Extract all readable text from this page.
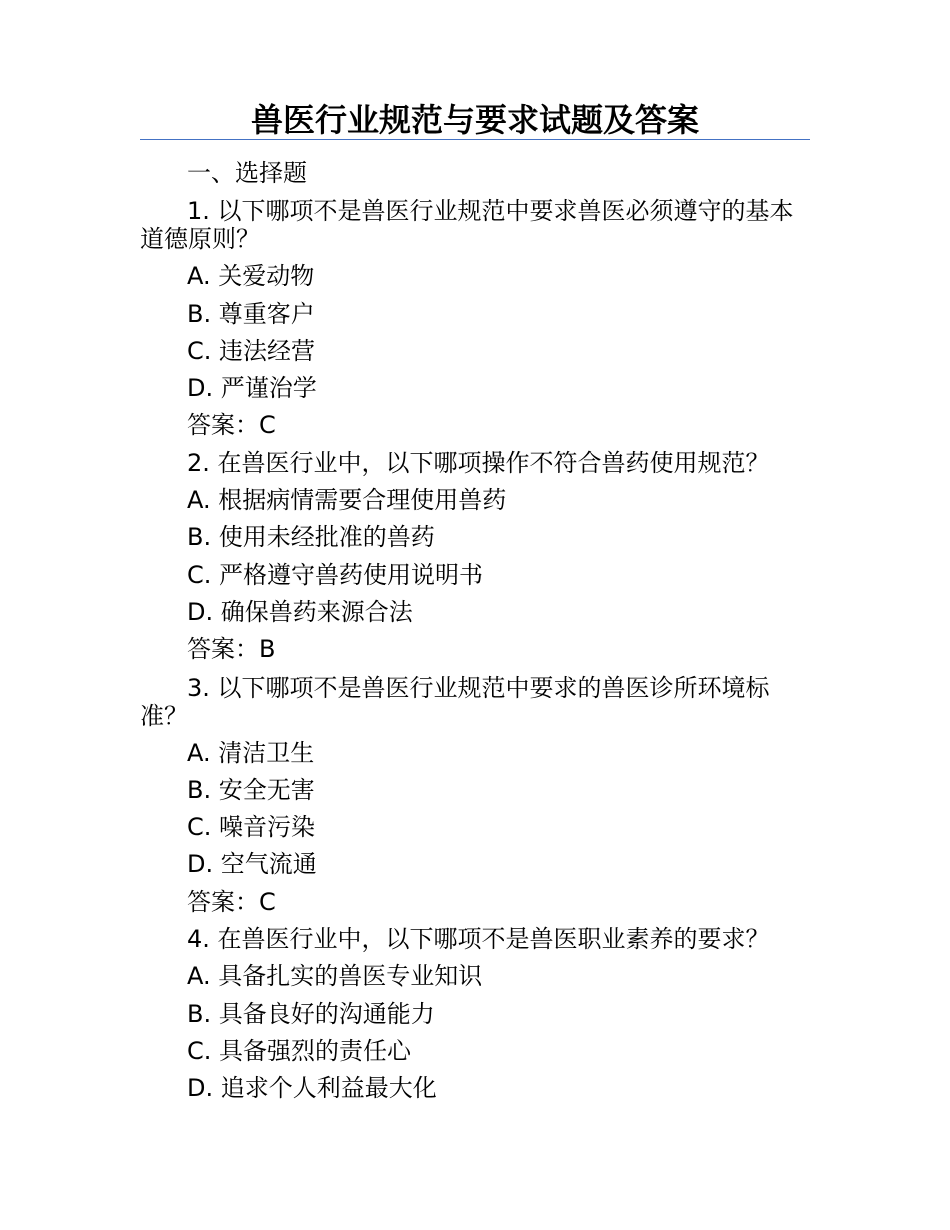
兽医行业规范与要求试题及答案

一、选择题

1. 以下哪项不是兽医行业规范中要求兽医必须遵守的基本道德原则？

A. 关爱动物

B. 尊重客户

C. 违法经营

D. 严谨治学

答案：C

2. 在兽医行业中，以下哪项操作不符合兽药使用规范？

A. 根据病情需要合理使用兽药

B. 使用未经批准的兽药

C. 严格遵守兽药使用说明书

D. 确保兽药来源合法

答案：B

3. 以下哪项不是兽医行业规范中要求的兽医诊所环境标准？

A. 清洁卫生

B. 安全无害

C. 噪音污染

D. 空气流通

答案：C

4. 在兽医行业中，以下哪项不是兽医职业素养的要求？

A. 具备扎实的兽医专业知识

B. 具备良好的沟通能力

C. 具备强烈的责任心

D. 追求个人利益最大化
